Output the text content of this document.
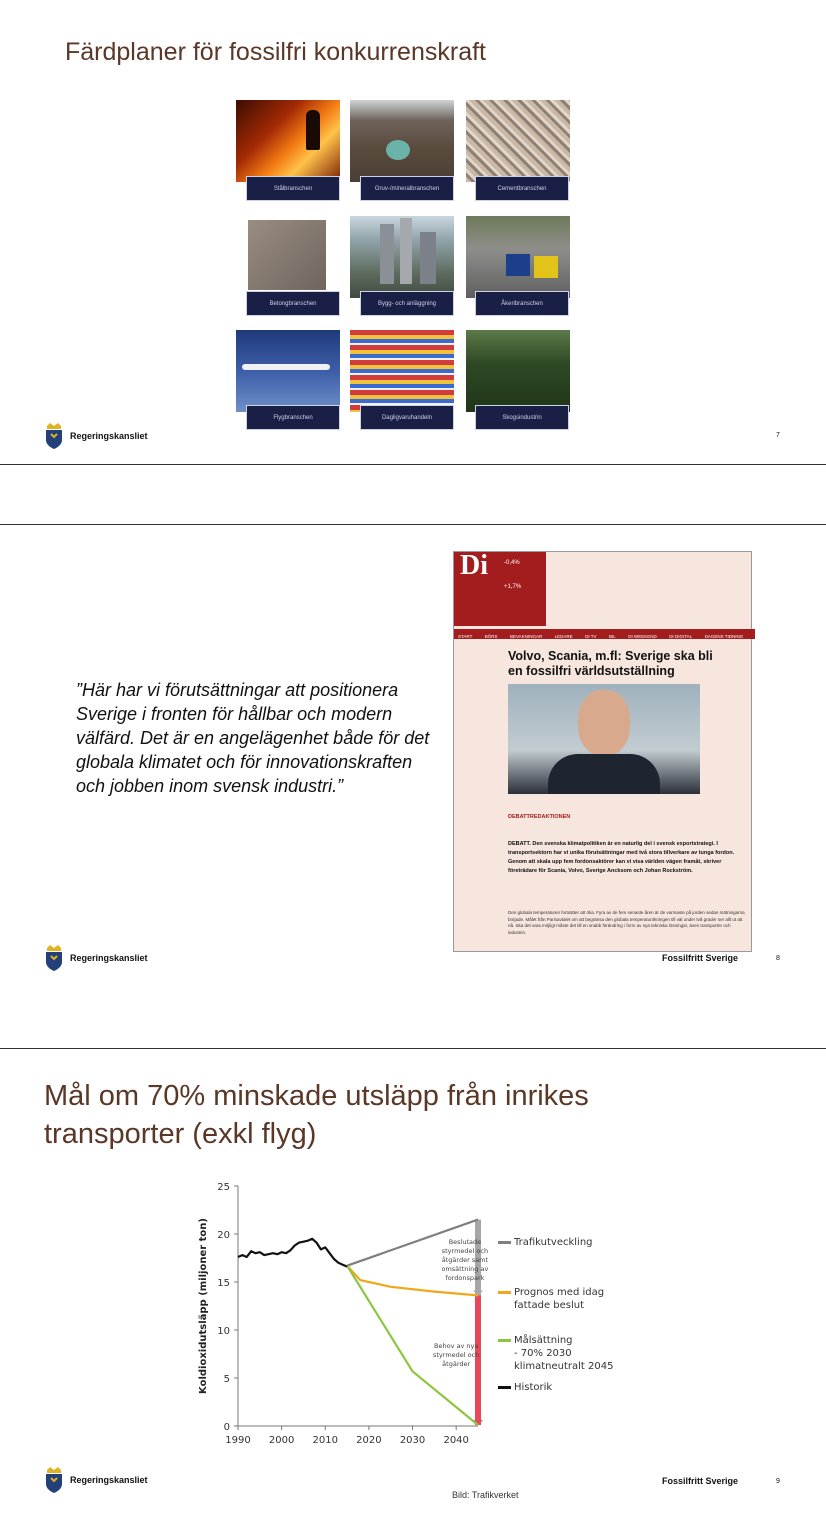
Färdplaner för fossilfri konkurrenskraft
Stålbranschen	Gruv-/mineralbranschen	Cementbranschen
Betongbranschen	Bygg- och anläggning	Åkeribranschen
Flygbranschen	Dagligvaruhandeln	Skogsindustrin
Regeringskansliet	7
”Här har vi förutsättningar att positionera Sverige i fronten för hållbar och modern välfärd. Det är en angelägenhet både för det globala klimatet och för innovationskraften och jobben inom svensk industri.”
Di	-0,4%
+1,7%
START	BÖRS	BEVAKNINGAR	LEDARE	DI TV	BIL	DI WEEKEND	DI DIGITAL	DAGENS TIDNING	JOBB
Volvo, Scania, m.fl: Sverige ska bli en fossilfri världsutställning
DEBATTREDAKTIONEN
DEBATT. Den svenska klimatpolitiken är en naturlig del i svensk exportstrategi. I transportsektorn har vi unika förutsättningar med två stora tillverkare av tunga fordon. Genom att skala upp fem fordonsaktörer kan vi visa världen vägen framåt, skriver företrädare för Scania, Volvo, Sverige Ancksom och Johan Rockström.
Den globala temperaturen fortsätter att öka. Fyra av de fem senaste åren är de varmaste på jorden sedan mätningarna började. Målet från Parisavtalet om att begränsa den globala temperaturökningen till väl under två grader ser allt ut att nå. Ska det vara möjligt måste det till en snabb förändring i form av nya tekniska lösningar, även transporter och industrin.
Regeringskansliet	Fossilfritt Sverige	8
Mål om 70% minskade utsläpp från inrikes
transporter (exkl flyg)
0
5
10
15
20
25
1990 2000 2010 2020 2030 2040
Koldioxidutsläpp (miljoner ton)	Beslutade
styrmedel och
åtgärder samt
omsättning av
fordonspark
Behov av nya
styrmedel och
åtgärder
Trafikutveckling
Prognos med idag
fattade beslut
Målsättning
- 70% 2030
klimatneutralt 2045
Historik
Regeringskansliet	Fossilfritt Sverige	9
Bild: Trafikverket
